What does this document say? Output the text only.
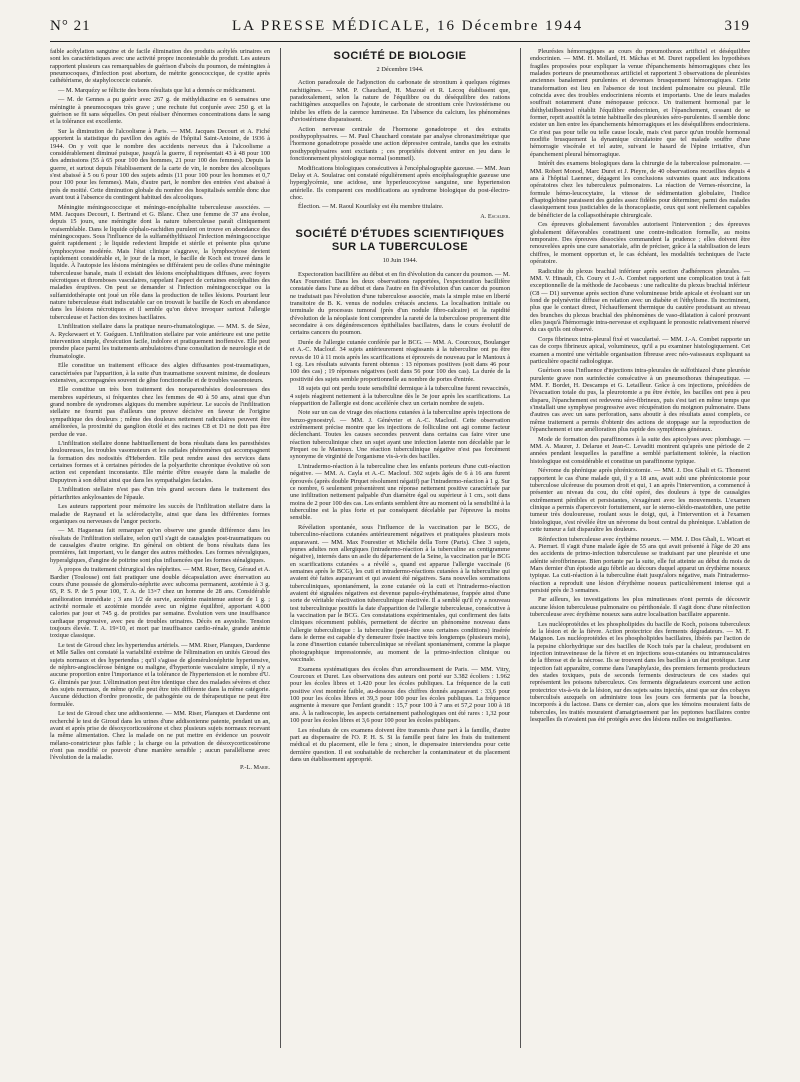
N° 21	LA PRESSE MÉDICALE, 16 Décembre 1944	319

faible acétylation sanguine et de facile élimination des produits acétylés urinaires en sont les caractéristiques avec une activité propre incontestable du produit. Les auteurs rapportent plusieurs cas remarquables de guérison d'abcès du poumon, de méningites à pneumocoques, d'infection post abortum, de métrite gonococcique, de cystite après cathétérisme, de staphylococcie cutanée.

— M. Marquézy se félicite des bons résultats que lui a donnés ce médicament.

— M. de Gennes a pu guérir avec 267 g. de méthyldiazine en 6 semaines une méningite à pneumocoques très grave ; une rechute fut conjurée avec 250 g. et la guérison se fit sans séquelles. On peut réaliser d'énormes concentrations dans le sang et la tolérance est excellente.

Sur la diminution de l'alcoolisme à Paris. — MM. Jacques Decourt et A. Fiché apportent la statistique du pavillon des agités de l'hôpital Saint-Antoine, de 1936 à 1944. On y voit que le nombre des accidents nerveux dus à l'alcoolisme a considérablement diminué puisque, jusqu'à la guerre, il représentait 43 à 48 pour 100 des admissions (55 à 65 pour 100 des hommes, 21 pour 100 des femmes). Depuis la guerre, et surtout depuis l'établissement de la carte de vin, le nombre des alcooliques s'est abaissé à 5 ou 6 pour 100 des sujets admis (11 pour 100 pour les hommes et 0,7 pour 100 pour les femmes). Mais, d'autre part, le nombre des entrées s'est abaissé à près de moitié. Cette diminution globale du nombre des hospitalisés semble donc due avant tout à l'absence du contingent habituel des alcooliques.

Méningite méningococcique et méningo-encéphalite tuberculeuse associées. — MM. Jacques Decourt, I. Bertrand et G. Blanc. Chez une femme de 37 ans évolue, depuis 15 jours, une méningite dont la nature tuberculeuse paraît cliniquement vraisemblable. Dans le liquide céphalo-rachidien purulent on trouve en abondance des méningocoques. Sous l'influence de la sulfaméthylthiazol l'infection méningococcique guérit rapidement ; le liquide redevient limpide et stérile et présente plus qu'une lymphocytose modérée. Mais l'état clinique s'aggrave, la lymphocytose devient rapidement considérable et, le jour de la mort, le bacille de Koch est trouvé dans le liquide. À l'autopsie les lésions méningées se différaient peu de celles d'une méningite tuberculeuse banale, mais il existait des lésions encéphalitiques diffuses, avec foyers nécrotiques et thromboses vasculaires, rappelant l'aspect de certaines encéphalites des maladies éruptives. On peut se demander si l'infection méningococcique ou la sulfamidothérapie ont joué un rôle dans la production de telles lésions. Pourtant leur nature tuberculeuse était indiscutable car on trouvait le bacille de Koch en abondance dans les lésions nécrotiques et il semble qu'on doive invoquer surtout l'allergie tuberculeuse et l'action des toxines bacillaires.

L'infiltration stellaire dans la pratique neuro-rhumatologique. — MM. S. de Sèze, A. Ryckewaert et Y. Guéguen. L'infiltration stellaire par voie antérieure est une petite intervention simple, d'exécution facile, indolore et pratiquement inoffensive. Elle peut prendre place parmi les traitements ambulatoires d'une consultation de neurologie et de rhumatologie.

Elle constitue un traitement efficace des algies diffusantes post-traumatiques, caractérisées par l'apparition, à la suite d'un traumatisme souvent minime, de douleurs extensives, accompagnées souvent de gêne fonctionnelle et de troubles vasomoteurs.

Elle constitue un très bon traitement des noraparesthésies douloureuses des membres supérieurs, si fréquentes chez les femmes de 40 à 50 ans, ainsi que d'un grand nombre de syndromes algiques du membre supérieur. Le succès de l'infiltration stellaire ne fournit pas d'ailleurs une preuve décisive en faveur de l'origine sympathique des douleurs ; même des douleurs nettement radiculaires peuvent être améliorées, la proximité du ganglion étoilé et des racines C8 et D1 ne doit pas être perdue de vue.

L'infiltration stellaire donne habituellement de bons résultats dans les paresthésies douloureuses, les troubles vasomoteurs et les radiales phénomènes qui accompagnent la formation des nodosités d'Heberden. Elle peut rendre aussi des services dans certaines formes et à certaines périodes de la polyarthrite chronique évolutive où son action est cependant inconstante. Elle mérite d'être essayée dans la maladie de Dupuytren à son début ainsi que dans les sympathalgies faciales.

L'infiltration stellaire n'est pas d'un très grand secours dans le traitement des périarthrites ankylosantes de l'épaule.

Les auteurs rapportent pour mémoire les succès de l'infiltration stellaire dans la maladie de Raynaud et la sclérodactylie, ainsi que dans les différentes formes organiques ou nerveuses de l'angor pectoris.

— M. Haguenau fait remarquer qu'on observe une grande différence dans les résultats de l'infiltration stellaire, selon qu'il s'agit de causalgies post-traumatiques ou de causalgies d'autre origine. En général on obtient de bons résultats dans les premières, fait important, vu le danger des autres méthodes. Les formes névralgiques, hyperalgiques, d'angine de poitrine sont plus influencées que les formes sténalgiques.

À propos du traitement chirurgical des néphrites. — MM. Riser, Becq, Géraud et A. Bardier (Toulouse) ont fait pratiquer une double décapsulation avec énervation au cours d'une poussée de glomérulo-néphrite avec subcoma permanent, azotémie à 3 g. 65, P. S. P. de 5 pour 100, T. A. de 13×7 chez un homme de 28 ans. Considérable amélioration immédiate ; 3 ans 1/2 de survie, azotémie maintenue autour de 1 g. ; activité normale et azotémie mondée avec un régime équilibré, apportant 4.000 calories par jour et 745 g. de protides par semaine. Évolution vers une insuffisance cardiaque progressive, avec peu de troubles urinaires. Décès en asystolie. Tension toujours élevée. T. A. 19×10, et mort par insuffisance cardio-rénale, grande anémie toxique classique.

Le test de Giroud chez les hypertendus artériels. — MM. Riser, Planques, Dardenne et Mlle Salles ont constaté la variabilité extrême de l'élimination en unités Giroud des sujets normaux et des hypertendus ; qu'il s'agisse de glomérulonéphrite hypertensive, de néphro-angiosclérose bénigne ou maligne, d'hypertonie vasculaire simple, il n'y a aucune proportion entre l'importance et la tolérance de l'hypertension et le nombre d'U. G. éliminés par jour. L'élimination peut être identique chez des malades sévères et chez des sujets normaux, de même qu'elle peut être très différente dans la même catégorie. Aucune déduction d'ordre pronostic, de pathogénie ou de thérapeutique ne peut être formulée.

Le test de Giroud chez une addisonienne. — MM. Riser, Planques et Dardenne ont recherché le test de Giroud dans les urines d'une addisonienne patente, pendant un an, avant et après prise de désoxycorticostérone et chez plusieurs sujets normaux recevant la même alimentation. Chez la malade on ne put mettre en évidence un pouvoir mélano-constricteur plus faible ; la charge ou la privation de désoxycorticostérone n'ont pas modifié ce pouvoir d'une manière sensible ; aucun parallélisme avec l'évolution de la maladie.

P.-L. Marie.
SOCIÉTÉ DE BIOLOGIE
2 Décembre 1944.

Action paradoxale de l'adjonction du carbonate de strontium à quelques régimes rachitigènes. — MM. P. Chauchard, H. Mazoué et R. Lecoq établissent que, paradoxalement, selon la nature de l'équilibre ou du déséquilibre des rations rachitigènes auxquelles on l'ajoute, le carbonate de strontium crée l'uviostérisme ou inhibe les effets de la carence lumineuse. En l'absence du calcium, les phénomènes d'uviostérisme disparaissent.

Action nerveuse centrale de l'hormone gonadotrope et des extraits posthypophysaires. — M. Paul Chauchard constate par analyse chronaximétrique que l'hormone gonadotrope possède une action dépressive centrale, tandis que les extraits posthypophysaires sont excitants ; ces propriétés doivent entrer en jeu dans le fonctionnement physiologique normal (sommeil).

Modifications biologiques consécutives à l'encéphalographie gazeuse. — MM. Jean Delay et A. Soulairac ont constaté régulièrement après encéphalographie gazeuse une hyperglycémie, une acidose, une hyperleucocytose sanguine, une hypertension artérielle. Ils comparent ces modifications au syndrome biologique du post-électro-choc.

Élection. — M. Raoul Kourilsky est élu membre titulaire.

A. Escalier.
SOCIÉTÉ D'ÉTUDES SCIENTIFIQUES
SUR LA TUBERCULOSE
10 Juin 1944.

Expectoration bacillifère au début et en fin d'évolution du cancer du poumon. — M. Max Fourestier. Dans les deux observations rapportées, l'expectoration bacillifère constatée dans l'une au début et dans l'autre en fin d'évolution d'un cancer du poumon ne traduisait pas l'évolution d'une tuberculose associée, mais la simple mise en liberté transitoire de B. K. venus de nodules crétacés anciens. La localisation initiale ou terminale du processus tumoral (près d'un nodule fibro-calcaire) et la rapidité d'évolution de la néoplasie font comprendre la rareté de la tuberculose proprement dite secondaire à ces dégénérescences épithéliales bacillaires, dans le cours évolutif de certains cancers du poumon.

Durée de l'allergie cutanée conférée par le BCG. — MM. A. Courcoux, Boulanger et A.-C. Maclouf. 34 sujets antérieurement réagissants à la tuberculine ont pu être revus de 10 à 11 mois après les scarifications et éprouvés de nouveau par le Mantoux à 1 cg. Les résultats suivants furent obtenus : 13 réponses positives (soit dans 46 pour 100 des cas) ; 19 réponses négatives (soit dans 56 pour 100 des cas). La durée de la positivité des sujets semble proportionnelle au nombre de portes d'entrée.

18 sujets qui ont perdu toute sensibilité dermique à la tuberculine furent revaccinés, 4 sujets réagirent nettement à la tuberculine dès le 3e jour après les scarifications. La réapparition de l'allergie est donc accélérée chez un certain nombre de sujets.

Note sur un cas de virage des réactions cutanées à la tuberculine après injections de benzo-gynoestryl. — MM. J. Génévrier et A.-C. Maclouf. Cette observation extrêmement précise montre que les injections de folliculine ont agi comme facteur déclenchant. Toutes les causes secondes peuvent dans certains cas faire virer une réaction tuberculinique chez un sujet ayant une infection latente non décelable par le Pirquet ou le Mantoux. Une réaction tuberculinique négative n'est pas forcément synonyme de virginité de l'organisme vis-à-vis des bacilles.

L'intradermo-réaction à la tuberculine chez les enfants porteurs d'une cuti-réaction négative. — MM. A. Cayla et A.-C. Maclouf. 302 sujets âgés de 6 à 16 ans furent éprouvés (après double Pirquet résolument négatif) par l'intradermo-réaction à 1 g. Sur ce nombre, 6 seulement présentèrent une réponse nettement positive caractérisée par une infiltration nettement palpable d'un diamètre égal ou supérieur à 1 cm., soit dans moins de 2 pour 100 des cas. Les enfants semblent être au moment où la sensibilité à la tuberculine est la plus forte et par conséquent décelable par l'épreuve la moins sensible.

Révélation spontanée, sous l'influence de la vaccination par le BCG, de tuberculino-réactions cutanées antérieurement négatives et pratiquées plusieurs mois auparavant. — MM. Max Fourestier et Michèle della Torre (Paris). Chez 3 sujets, jeunes adultes non allergiques (intradermo-réaction à la tuberculine au centigramme négative), internés dans un asile du département de la Seine, la vaccination par le BCG en scarifications cutanées « a révélé », quand est apparue l'allergie vaccinale (6 semaines après le BCG), les cuti et intradermo-réactions cutanées à la tuberculine qui avaient été faites auparavant et qui avaient été négatives. Sans nouvelles sommations tuberculiniques, spontanément, la zone cutanée où la cuti et l'intradermo-réaction avaient été signalées négatives est devenue papulo-érythémateuse, frappée ainsi d'une sorte de véritable réactivation tuberculinique réactivée. Il a semblé qu'il n'y a nouveau test tuberculinique positifs la date d'apparition de l'allergie tuberculeuse, consécutive à la vaccination par le BCG. Ces constatations expérimentales, qui confirment des faits cliniques récemment publiés, permettent de décrire un phénomène nouveau dans l'allergie tuberculinique : la tuberculine (peut-être sous certaines conditions) insérée dans le derme est capable d'y demeurer fixée inactive très longtemps (plusieurs mois), la zone d'insertion cutanée tuberculinique se révélant spontanément, comme la plaque photographique impressionnée, au moment de la primo-infection clinique ou vaccinale.

Examens systématiques des écoles d'un arrondissement de Paris. — MM. Vitry, Courcoux et Duret. Les observations des auteurs ont porté sur 3.382 écoliers : 1.962 pour les écoles libres et 1.420 pour les écoles publiques. La fréquence de la cuti positive s'est montrée faible, au-dessous des chiffres donnés auparavant : 33,6 pour 100 pour les écoles libres et 39,3 pour 100 pour les écoles publiques. La fréquence augmente à mesure que l'enfant grandit : 15,7 pour 100 à 7 ans et 57,2 pour 100 à 18 ans. À la radioscopie, les aspects certainement pathologiques ont été rares : 1,32 pour 100 pour les écoles libres et 3,6 pour 100 pour les écoles publiques.

Les résultats de ces examens doivent être transmis d'une part à la famille, d'autre part au dispensaire de l'O. P. H. S. Si la famille peut faire les frais du traitement médical et du placement, elle le fera ; sinon, le dispensaire interviendra pour cette dernière question. Il est souhaitable de rechercher la contaminateur et du placement dans un établissement approprié.

Pleurésies hémorragiques au cours du pneumothorax artificiel et déséquilibre endocrinien. — MM. H. Mollard, H. Mâchas et M. Duret rappellent les hypothèses fragiles proposées pour expliquer la venue d'épanchements hémorragiques chez les malades porteurs de pneumothorax artificiel et rapportent 3 observations de pleurésies anciennes banalement purulentes et devenues brusquement hémorragiques. Cette transformation est lieu en l'absence de tout incident pulmonaire ou pleural. Elle coïncida avec des troubles endocriniens récents et importants. Une de leurs malades souffrait notamment d'une ménopause précoce. Un traitement hormonal par le diéthylstilbœstrol rétablit l'équilibre endocrinien, et l'épanchement, cessant de se former, reprit aussitôt la teinte habituelle des pleurésies séro-purulentes. Il semble donc exister un lien entre les épanchements hémorragiques et les déséquilibres endocriniens. Ce n'est pas pour telle ou telle cause locale, mais c'est parce qu'un trouble hormonal modifie brusquement la dynamique circulatoire que tel malade souffre d'une hémorragie viscérale et tel autre, suivant le hasard de l'épine irritative, d'un épanchement pleural hémorragique.

Intérêt des examens biologiques dans la chirurgie de la tuberculose pulmonaire. — MM. Robert Monod, Marc Duret et J. Pieyre, de 40 observations recueillies depuis 4 ans à l'hôpital Laennec, dégagent les conclusions suivantes quant aux indications opératoires chez les tuberculeux pulmonaires. La réaction de Vernes-résorcine, la formule hémo-leucocytaire, la vitesse de sédimentation globulaire, l'indice d'haptoglobine paraissent des guides assez fidèles pour déterminer, parmi des malades classiquement tous justiciables de la thoracoplastie, ceux qui sont réellement capables de bénéficier de la collapsothérapie chirurgicale.

Ces épreuves globalement favorables autorisent l'intervention ; des épreuves globalement défavorables constituent une contre-indication formelle, au moins temporaire. Des épreuves dissociées commandent la prudence ; elles doivent être renouvelées après une cure sanatoriale, afin de préciser, grâce à la stabilisation de leurs chiffres, le moment opportun et, le cas échéant, les modalités techniques de l'acte opératoire.

Radiculite du plexus brachial inférieur après section d'adhérences pleurales. — MM. V. Hinault, Ch. Coury et J.-A. Combet rapportent une complication tout à fait exceptionnelle de la méthode de Jacobaeus : une radiculite du plexus brachial inférieur (C8 — D1) survenue après section d'une volumineuse bride apicale et évoluant sur un fond de polynévrite diffuse en relation avec un diabète et l'éthylisme. Ils incriminent, plus que le contact direct, l'échauffement thermique du cautère produisant au niveau des branches du plexus brachial des phénomènes de vaso-dilatation à caloré prouvant elles jusqu'à l'hémorragie intra-nerveuse et expliquant le pronostic relativement réservé du cas qu'ils ont observé.

Corps fibrineux intra-pleural fixé et vascularisé. — MM. J.-A. Combet rapporte un cas de corps fibrineux apical, volumineux, qu'il a pu examiner histologiquement. Cet examen a montré une véritable organisation fibreuse avec néo-vaisseaux expliquant sa particulière opacité radiologique.

Guérison sous l'influence d'injections intra-pleurales de sulfothiazol d'une pleurésie purulente grave non surinfectée consécutive à un pneumothorax thérapeutique. — MM. F. Bordet, H. Descamps et G. Letailleur. Grâce à ces injections, précédées de l'évacuation totale du pus, la pleurotomie a pu être évitée, les bacilles ont peu à peu disparu, l'épanchement est redevenu séro-fibrineux, puis s'est tari en même temps que s'installait une symphyse progressive avec récupération du moignon pulmonaire. Dans d'autres cas avec un sans perforation, sans aboutir à des résultats aussi complets, ce même traitement a permis d'obtenir des actions de stoppage sur la reproduction de l'épanchement et une amélioration plus rapide des symptômes généraux.

Mode de formation des paraffinomes à la suite des apicolyses avec plombage. — MM. A. Maurer, J. Delarue et Jean-C. Levaditi montrent qu'après une période de 2 années pendant lesquelles la paraffine a semblé parfaitement tolérée, la réaction histologique est considérable et constitue un paraffinome typique.

Névrome du phrénique après phrénicotomie. — MM. J. Dos Ghali et G. Thomeret rapportent le cas d'une malade qui, il y a 18 ans, avait subi une phrénicotomie pour tuberculose ulcéreuse du poumon droit et qui, 1 an après l'intervention, a commencé à présenter au niveau du cou, du côté opéré, des douleurs à type de causalgies extrêmement pénibles et persistantes, s'exagérant avec les mouvements. L'examen clinique a permis d'apercevoir fortuitement, sur le sterno-cléido-mastoïdien, une petite tumeur très douloureuse, roulant sous le doigt, qui, à l'intervention et à l'examen histologique, s'est révélée être un névrome du bout central du phrénique. L'ablation de cette tumeur a fait disparaître les douleurs.

Réinfection tuberculeuse avec érythème noueux. — MM. J. Dos Ghali, L. Wicart et A. Pierrart. Il s'agit d'une malade âgée de 55 ans qui avait présenté à l'âge de 20 ans des accidents de primo-infection tuberculeuse se traduisant par une pleurésie et une adénite sérofibrineuse. Bien portante par la suite, elle fut atteinte au début du mois de Mars dernier d'un épisode aigu fébrile au décours duquel apparut un érythème noueux typique. La cuti-réaction à la tuberculine était jusqu'alors négative, mais l'intradermo-réaction a reproduit une lésion d'érythème noueux particulièrement intense qui a persisté près de 3 semaines.

Par ailleurs, les investigations les plus minutieuses n'ont permis de découvrir aucune lésion tuberculeuse pulmonaire ou périthonéale. Il s'agit donc d'une réinfection tuberculeuse avec érythème noueux sans autre localisation bacillaire apparente.

Les nucléoprotéides et les phospholipides du bacille de Koch, poisons tuberculeux de la lésion et de la fièvre. Action protectrice des ferments dégradateurs. — M. F. Maignon. Les nucléoprotéides et les phospholipides bacillaires, libérés par l'action de la pepsine chlorhydrique sur des bacilles de Koch tués par la chaleur, produisent en injection intraveineuse de la fièvre et en injections sous-cutanées ou intramusculaires de la fibrose et de la nécrose. Ils se trouvent dans les bacilles à un état protéique. Leur injection fait apparaître, comme dans l'anaphylaxie, des premiers ferments producteurs des stades toxiques, puis de seconds ferments destructeurs de ces stades qui représentent les poisons tuberculeux. Ces ferments dégradateurs exercent une action protectrice vis-à-vis de la lésion, sur des sujets sains injectés, ainsi que sur des cobayes tuberculisés auxquels on administre tous les jours ces ferments par la bouche, incorporés à du lactose. Dans ce dernier cas, alors que les témoins mouraient faits de tubercules, les traités mouraient d'amaigrissement par les peptones bacillaires contre lesquelles ils n'avaient pas été protégés avec des lésions nulles ou insignifiantes.
